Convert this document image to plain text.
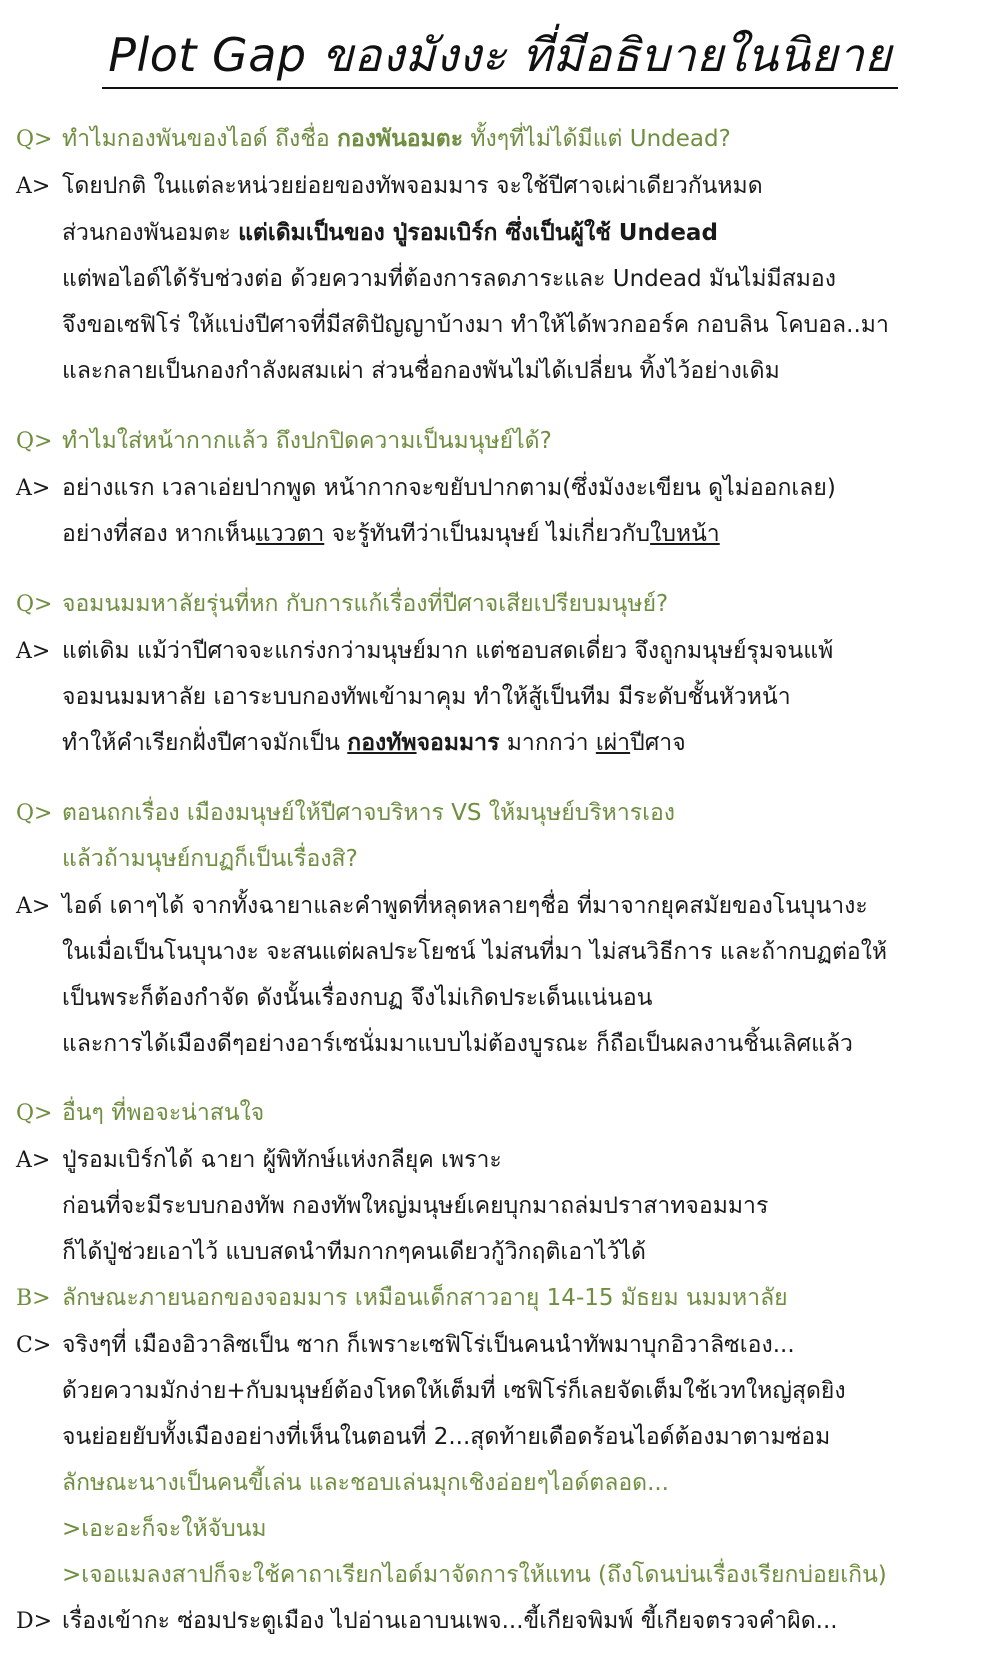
Plot Gap ของมังงะ ที่มีอธิบายในนิยาย
Q> ทำไมกองพันของไอด์ ถึงชื่อ กองพันอมตะ ทั้งๆที่ไม่ได้มีแต่ Undead?
A> โดยปกติ ในแต่ละหน่วยย่อยของทัพจอมมาร จะใช้ปีศาจเผ่าเดียวกันหมด
ส่วนกองพันอมตะ แต่เดิมเป็นของ ปู่รอมเบิร์ก ซึ่งเป็นผู้ใช้ Undead
แต่พอไอด์ได้รับช่วงต่อ ด้วยความที่ต้องการลดภาระและ Undead มันไม่มีสมอง
จึงขอเซฟิโร่ ให้แบ่งปีศาจที่มีสติปัญญาบ้างมา ทำให้ได้พวกออร์ค กอบลิน โคบอล..มา
และกลายเป็นกองกำลังผสมเผ่า ส่วนชื่อกองพันไม่ได้เปลี่ยน ทิ้งไว้อย่างเดิม
Q> ทำไมใส่หน้ากากแล้ว ถึงปกปิดความเป็นมนุษย์ได้?
A> อย่างแรก เวลาเอ่ยปากพูด หน้ากากจะขยับปากตาม(ซึ่งมังงะเขียน ดูไม่ออกเลย)
อย่างที่สอง หากเห็นแววตา จะรู้ทันทีว่าเป็นมนุษย์ ไม่เกี่ยวกับใบหน้า
Q> จอมนมมหาลัยรุ่นที่หก กับการแก้เรื่องที่ปีศาจเสียเปรียบมนุษย์?
A> แต่เดิม แม้ว่าปีศาจจะแกร่งกว่ามนุษย์มาก แต่ชอบสดเดี่ยว จึงถูกมนุษย์รุมจนแพ้
จอมนมมหาลัย เอาระบบกองทัพเข้ามาคุม ทำให้สู้เป็นทีม มีระดับชั้นหัวหน้า
ทำให้คำเรียกฝั่งปีศาจมักเป็น กองทัพจอมมาร มากกว่า เผ่าปีศาจ
Q> ตอนถกเรื่อง เมืองมนุษย์ให้ปีศาจบริหาร VS ให้มนุษย์บริหารเอง
แล้วถ้ามนุษย์กบฏก็เป็นเรื่องสิ?
A> ไอด์ เดาๆได้ จากทั้งฉายาและคำพูดที่หลุดหลายๆชื่อ ที่มาจากยุคสมัยของโนบุนางะ
ในเมื่อเป็นโนบุนางะ จะสนแต่ผลประโยชน์ ไม่สนที่มา ไม่สนวิธีการ และถ้ากบฏต่อให้
เป็นพระก็ต้องกำจัด ดังนั้นเรื่องกบฏ จึงไม่เกิดประเด็นแน่นอน
และการได้เมืองดีๆอย่างอาร์เซนั่มมาแบบไม่ต้องบูรณะ ก็ถือเป็นผลงานชิ้นเลิศแล้ว
Q> อื่นๆ ที่พอจะน่าสนใจ
A> ปู่รอมเบิร์กได้ ฉายา ผู้พิทักษ์แห่งกลียุค เพราะ
ก่อนที่จะมีระบบกองทัพ กองทัพใหญ่มนุษย์เคยบุกมาถล่มปราสาทจอมมาร
ก็ได้ปู่ช่วยเอาไว้ แบบสดนำทีมกากๆคนเดียวกู้วิกฤติเอาไว้ได้
B> ลักษณะภายนอกของจอมมาร เหมือนเด็กสาวอายุ 14-15 มัธยม นมมหาลัย
C> จริงๆที่ เมืองอิวาลิซเป็น ซาก ก็เพราะเซฟิโร่เป็นคนนำทัพมาบุกอิวาลิซเอง...
ด้วยความมักง่าย+กับมนุษย์ต้องโหดให้เต็มที่ เซฟิโร่ก็เลยจัดเต็มใช้เวทใหญ่สุดยิง
จนย่อยยับทั้งเมืองอย่างที่เห็นในตอนที่ 2...สุดท้ายเดือดร้อนไอด์ต้องมาตามซ่อม
ลักษณะนางเป็นคนขี้เล่น และชอบเล่นมุกเชิงอ่อยๆไอด์ตลอด...
>เอะอะก็จะให้จับนม
>เจอแมลงสาปก็จะใช้คาถาเรียกไอด์มาจัดการให้แทน (ถึงโดนบ่นเรื่องเรียกบ่อยเกิน)
D> เรื่องเข้ากะ ซ่อมประตูเมือง ไปอ่านเอาบนเพจ...ขี้เกียจพิมพ์ ขี้เกียจตรวจคำผิด...
